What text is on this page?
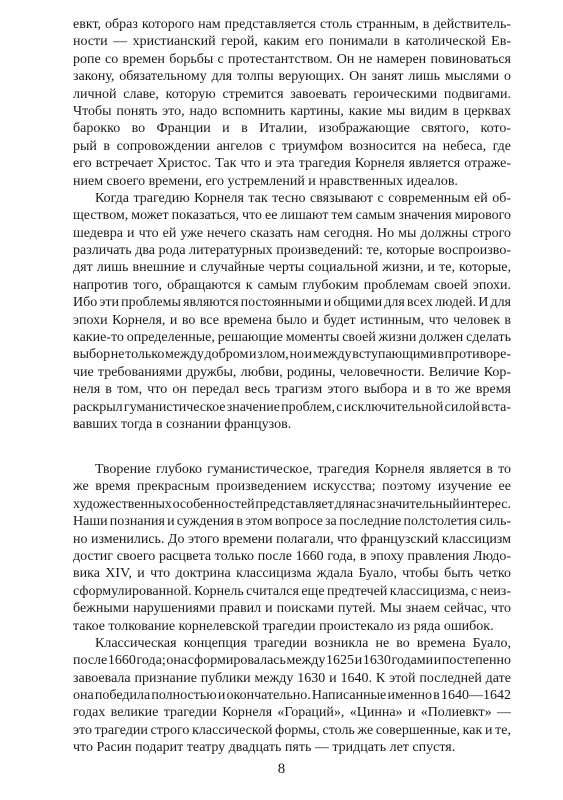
евкт, образ которого нам представляется столь странным, в действитель-
ности — христианский герой, каким его понимали в католической Ев-
ропе со времен борьбы с протестантством. Он не намерен повиноваться
закону, обязательному для толпы верующих. Он занят лишь мыслями о
личной славе, которую стремится завоевать героическими подвигами.
Чтобы понять это, надо вспомнить картины, какие мы видим в церквах
барокко во Франции и в Италии, изображающие святого, кото-
рый в сопровождении ангелов с триумфом возносится на небеса, где
его встречает Христос. Так что и эта трагедия Корнеля является отраже-
нием своего времени, его устремлений и нравственных идеалов.
Когда трагедию Корнеля так тесно связывают с современным ей об-
ществом, может показаться, что ее лишают тем самым значения мирового
шедевра и что ей уже нечего сказать нам сегодня. Но мы должны строго
различать два рода литературных произведений: те, которые воспроизво-
дят лишь внешние и случайные черты социальной жизни, и те, которые,
напротив того, обращаются к самым глубоким проблемам своей эпохи.
Ибо эти проблемы являются постоянными и общими для всех людей. И для
эпохи Корнеля, и во все времена было и будет истинным, что человек в
какие-то определенные, решающие моменты своей жизни должен сделать
выбор не только между добром и злом, но и между вступающими в противоре-
чие требованиями дружбы, любви, родины, человечности. Величие Кор-
неля в том, что он передал весь трагизм этого выбора и в то же время
раскрыл гуманистическое значение проблем, с исключительной силой вста-
вавших тогда в сознании французов.
Творение глубоко гуманистическое, трагедия Корнеля является в то
же время прекрасным произведением искусства; поэтому изучение ее
художественных особенностей представляет для нас значительный интерес.
Наши познания и суждения в этом вопросе за последние полстолетия силь-
но изменились. До этого времени полагали, что французский классицизм
достиг своего расцвета только после 1660 года, в эпоху правления Людо-
вика XIV, и что доктрина классицизма ждала Буало, чтобы быть четко
сформулированной. Корнель считался еще предтечей классицизма, с неиз-
бежными нарушениями правил и поисками путей. Мы знаем сейчас, что
такое толкование корнелевской трагедии проистекало из ряда ошибок.
Классическая концепция трагедии возникла не во времена Буало,
после 1660 года; она сформировалась между 1625 и 1630 годами и постепенно
завоевала признание публики между 1630 и 1640. К этой последней дате
она победила полностью и окончательно. Написанные именно в 1640—1642
годах великие трагедии Корнеля «Гораций», «Цинна» и «Полиевкт» —
это трагедии строго классической формы, столь же совершенные, как и те,
что Расин подарит театру двадцать пять — тридцать лет спустя.
8
